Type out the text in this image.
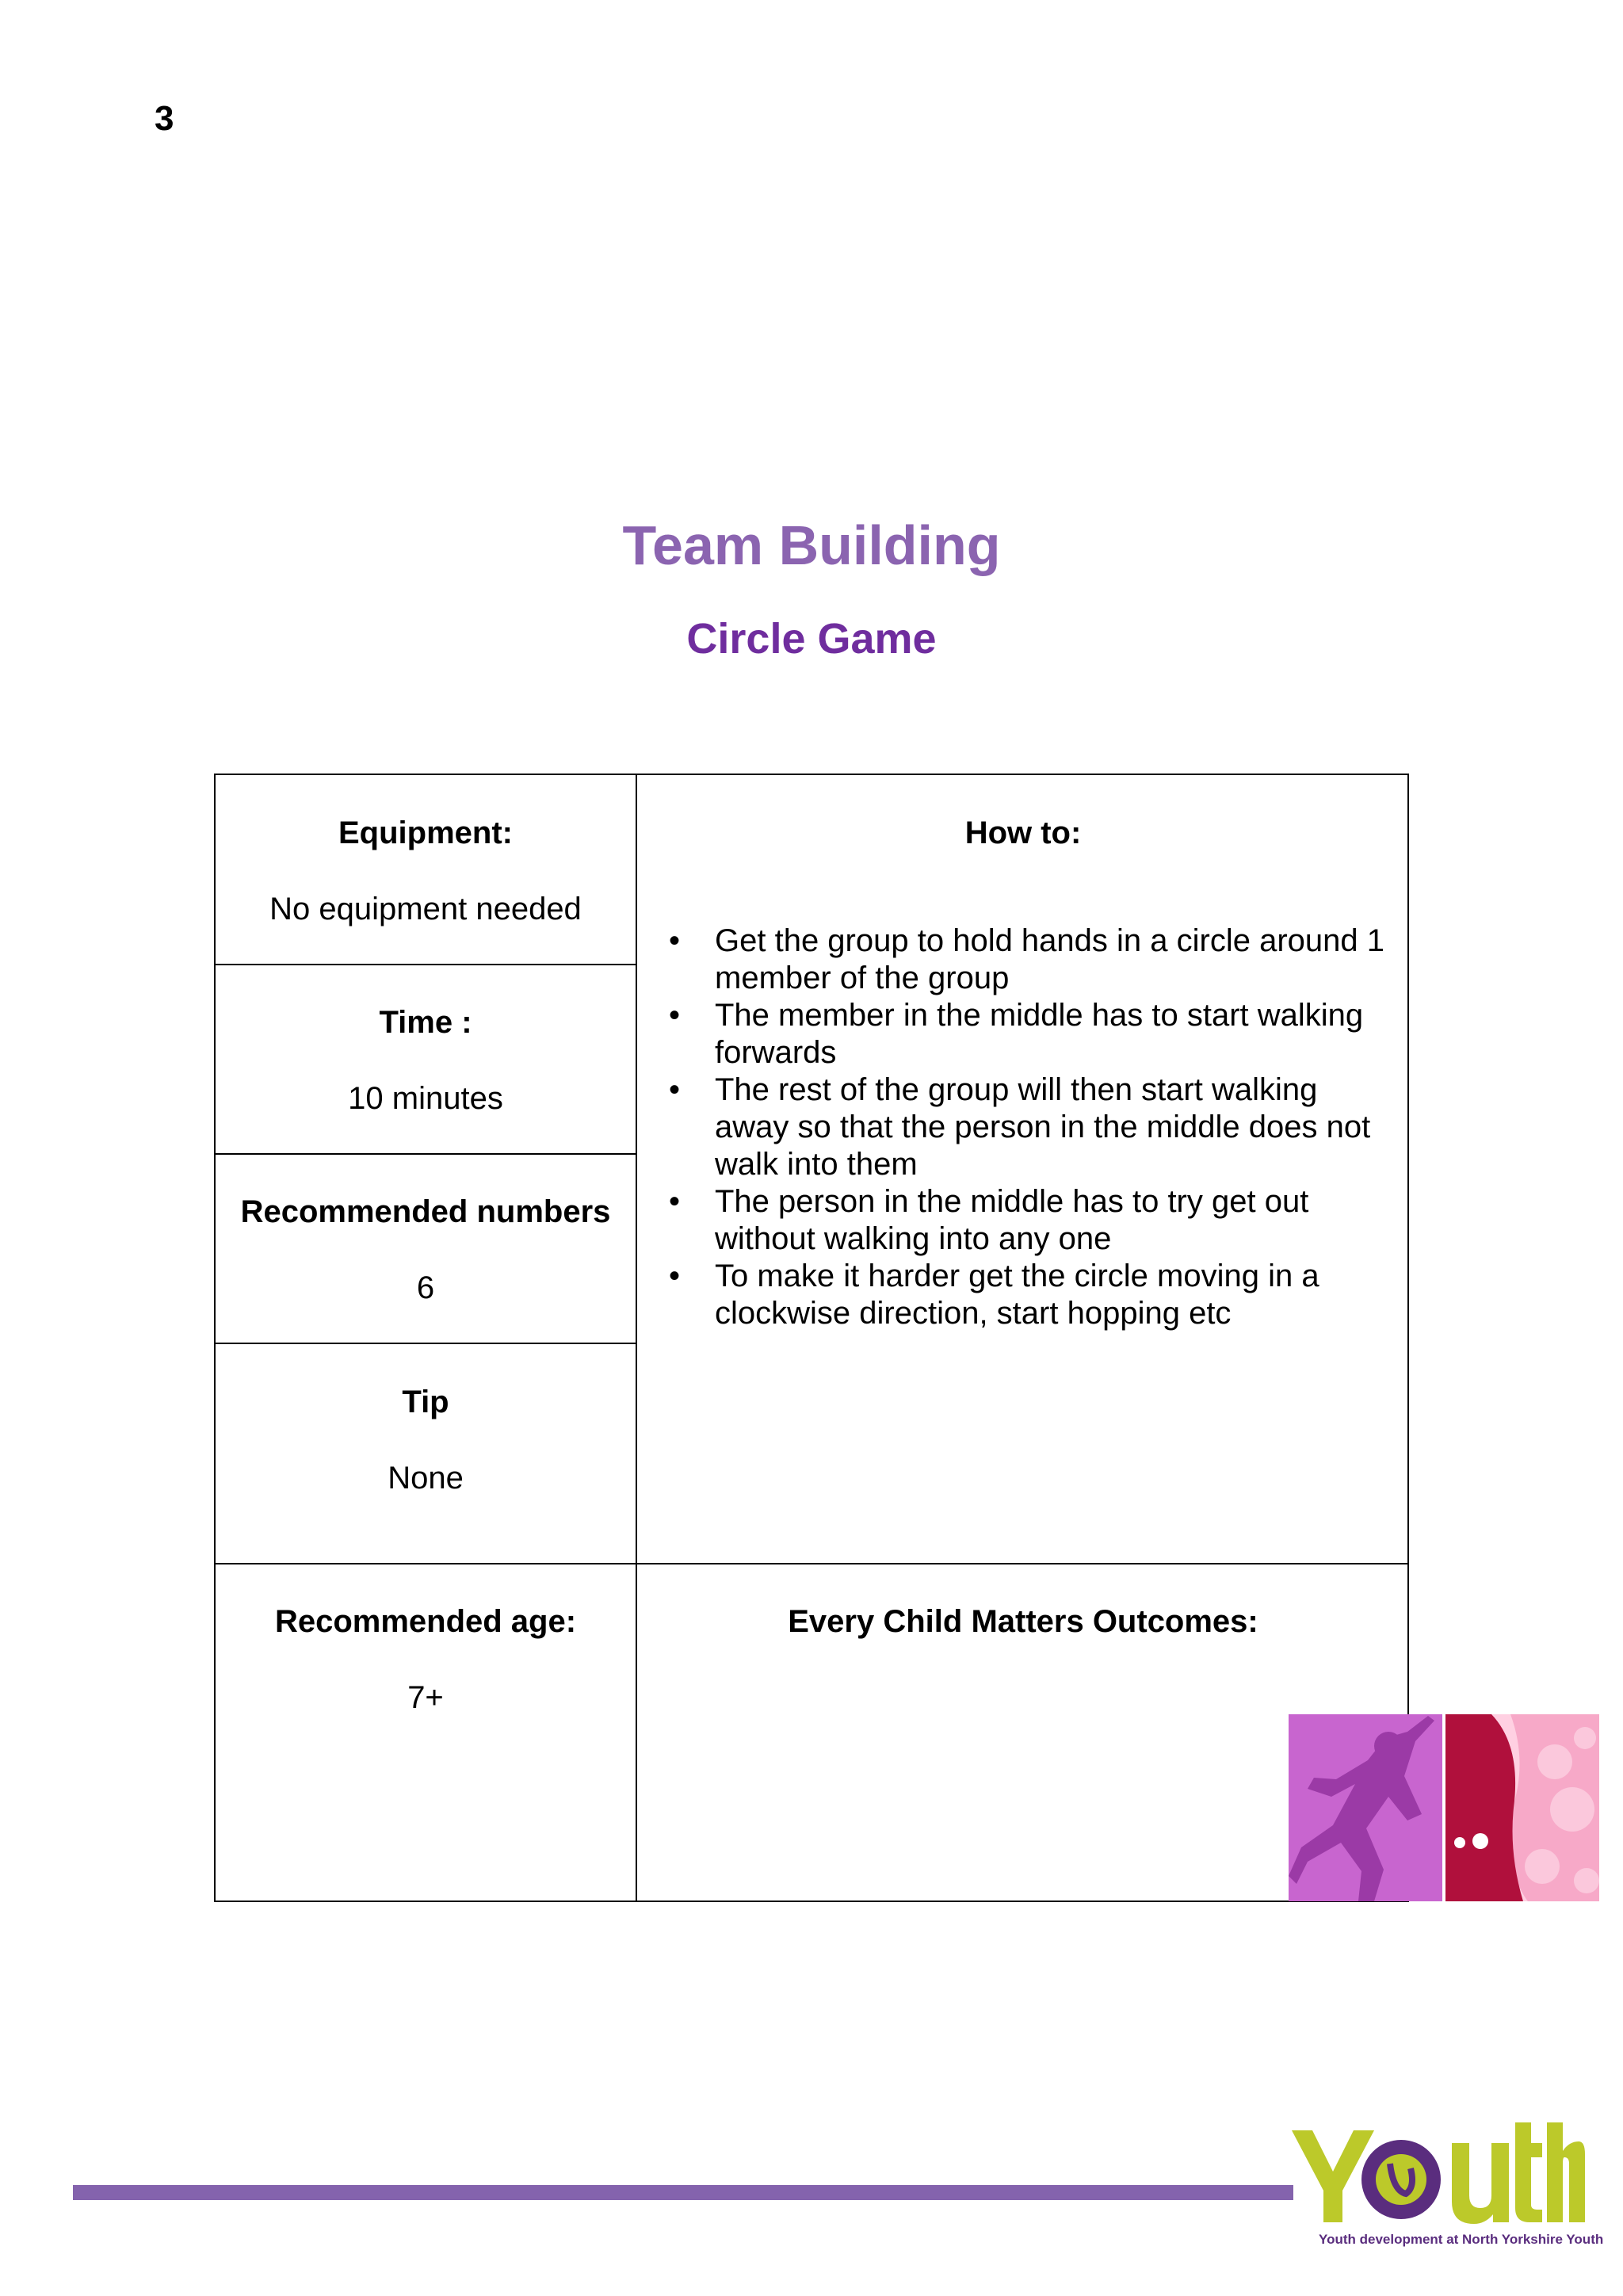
3
Team Building
Circle Game
Equipment:
No equipment needed
Time :
10 minutes
Recommended numbers
6
Tip
None
Recommended age:
7+
How to:
• Get the group to hold hands in a circle around 1 member of the group
• The member in the middle has to start walking forwards
• The rest of the group will then start walking away so that the person in the middle does not walk into them
• The person in the middle has to try get out without walking into any one
• To make it harder get the circle moving in a clockwise direction, start hopping etc
Every Child Matters Outcomes:
Youth development at North Yorkshire Youth
